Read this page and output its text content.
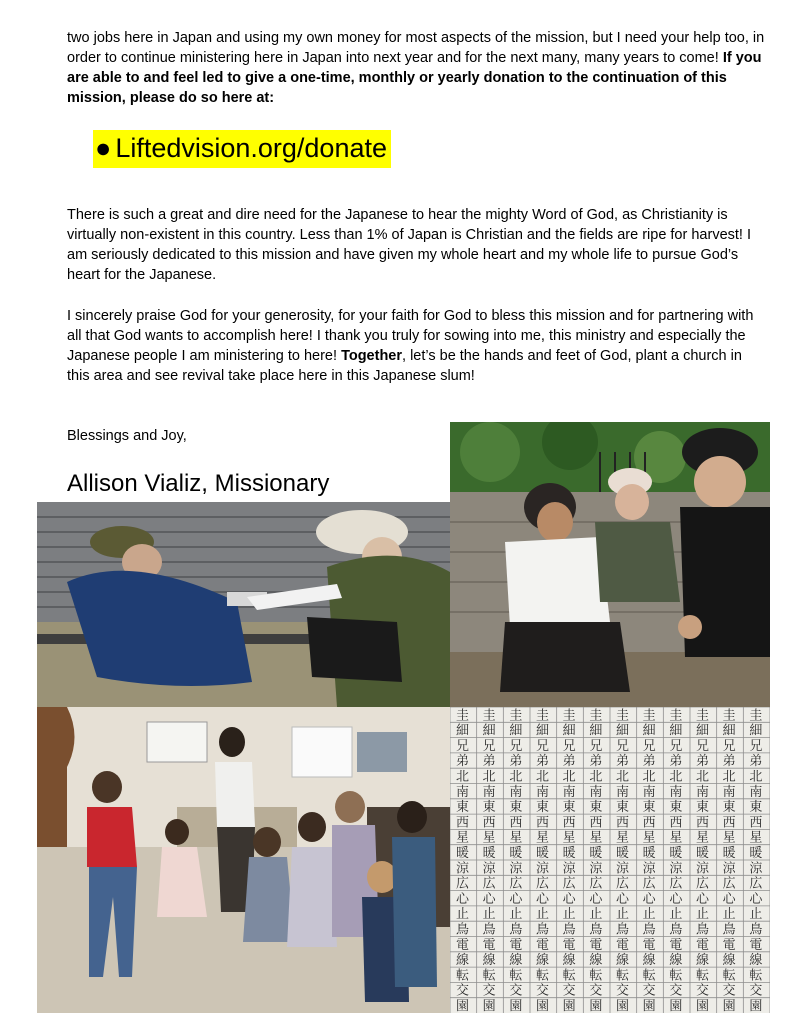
two jobs here in Japan and using my own money for most aspects of the mission, but I need your help too, in order to continue ministering here in Japan into next year and for the next many, many years to come! If you are able to and feel led to give a one-time, monthly or yearly donation to the continuation of this mission, please do so here at:

● Liftedvision.org/donate

There is such a great and dire need for the Japanese to hear the mighty Word of God, as Christianity is virtually non-existent in this country. Less than 1% of Japan is Christian and the fields are ripe for harvest! I am seriously dedicated to this mission and have given my whole heart and my whole life to pursue God’s heart for the Japanese.

I sincerely praise God for your generosity, for your faith for God to bless this mission and for partnering with all that God wants to accomplish here! I thank you truly for sowing into me, this ministry and especially the Japanese people I am ministering to here! Together, let’s be the hands and feet of God, plant a church in this area and see revival take place here in this Japanese slum!

Blessings and Joy,
Allison Vializ, Missionary
圭 圭 圭 圭 圭 圭 圭 圭 圭 圭 圭 圭
細 細 細 細 細 細 細 細 細 細 細 細
兄 兄 兄 兄 兄 兄 兄 兄 兄 兄 兄 兄
弟 弟 弟 弟 弟 弟 弟 弟 弟 弟 弟 弟
北 北 北 北 北 北 北 北 北 北 北 北
南 南 南 南 南 南 南 南 南 南 南 南
東 東 東 東 東 東 東 東 東 東 東 東
西 西 西 西 西 西 西 西 西 西 西 西
星 星 星 星 星 星 星 星 星 星 星 星
暖 暖 暖 暖 暖 暖 暖 暖 暖 暖 暖 暖
涼 涼 涼 涼 涼 涼 涼 涼 涼 涼 涼 涼
広 広 広 広 広 広 広 広 広 広 広 広
心 心 心 心 心 心 心 心 心 心 心 心
止 止 止 止 止 止 止 止 止 止 止 止
鳥 鳥 鳥 鳥 鳥 鳥 鳥 鳥 鳥 鳥 鳥 鳥
電 電 電 電 電 電 電 電 電 電 電 電
線 線 線 線 線 線 線 線 線 線 線 線
転 転 転 転 転 転 転 転 転 転 転 転
交 交 交 交 交 交 交 交 交 交 交 交
園 園 園 園 園 園 園 園 園 園 園 園
